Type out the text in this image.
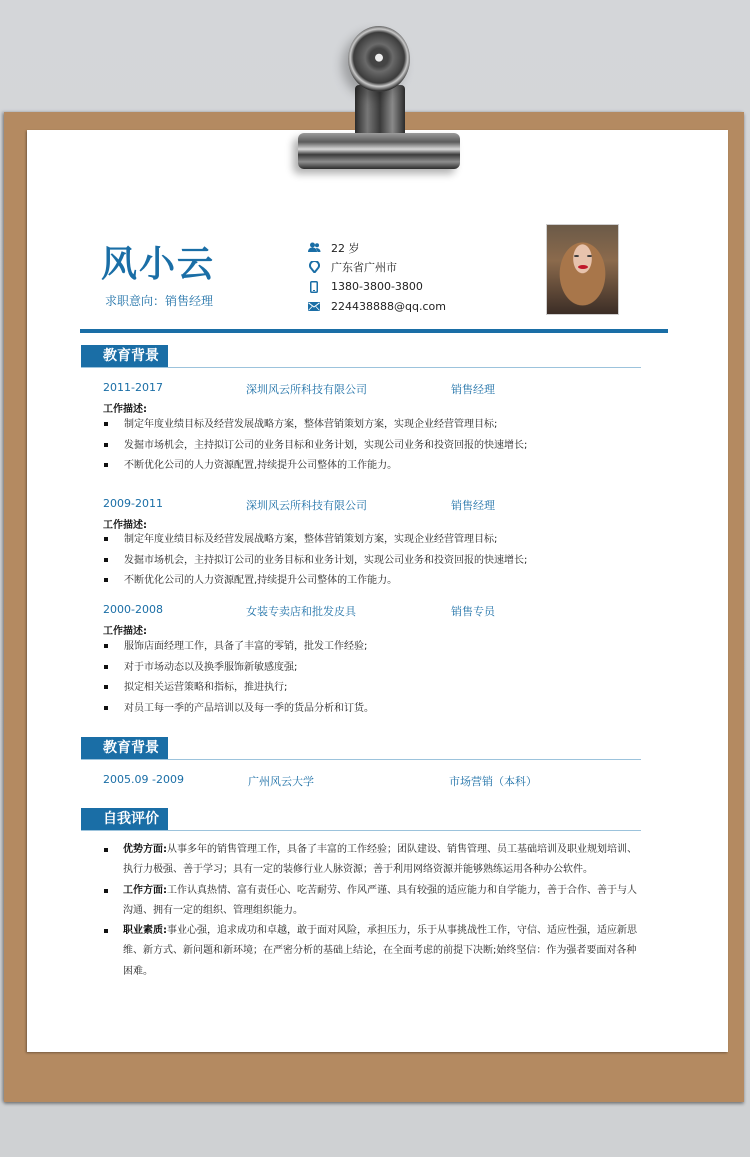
风小云
求职意向：销售经理
22 岁
广东省广州市
1380-3800-3800
224438888@qq.com
教育背景
2011-2017	深圳风云所科技有限公司	销售经理
工作描述:
制定年度业绩目标及经营发展战略方案，整体营销策划方案，实现企业经营管理目标;
发掘市场机会，主持拟订公司的业务目标和业务计划，实现公司业务和投资回报的快速增长;
不断优化公司的人力资源配置,持续提升公司整体的工作能力。
2009-2011	深圳风云所科技有限公司	销售经理
工作描述:
制定年度业绩目标及经营发展战略方案，整体营销策划方案，实现企业经营管理目标;
发掘市场机会，主持拟订公司的业务目标和业务计划，实现公司业务和投资回报的快速增长;
不断优化公司的人力资源配置,持续提升公司整体的工作能力。
2000-2008	女装专卖店和批发皮具	销售专员
工作描述:
服饰店面经理工作，具备了丰富的零销，批发工作经验;
对于市场动态以及换季服饰新敏感度强;
拟定相关运营策略和指标，推进执行;
对员工每一季的产品培训以及每一季的货品分析和订货。
教育背景
2005.09 -2009	广州风云大学	市场营销（本科）
自我评价
优势方面:从事多年的销售管理工作，具备了丰富的工作经验；团队建设、销售管理、员工基础培训及职业规划培训、执行力极强、善于学习；具有一定的装修行业人脉资源；善于利用网络资源并能够熟练运用各种办公软件。
工作方面:工作认真热情、富有责任心、吃苦耐劳、作风严谨、具有较强的适应能力和自学能力，善于合作、善于与人沟通、拥有一定的组织、管理组织能力。
职业素质:事业心强，追求成功和卓越，敢于面对风险，承担压力，乐于从事挑战性工作，守信、适应性强，适应新思维、新方式、新问题和新环境；在严密分析的基础上结论，在全面考虑的前提下决断;始终坚信：作为强者要面对各种困难。
